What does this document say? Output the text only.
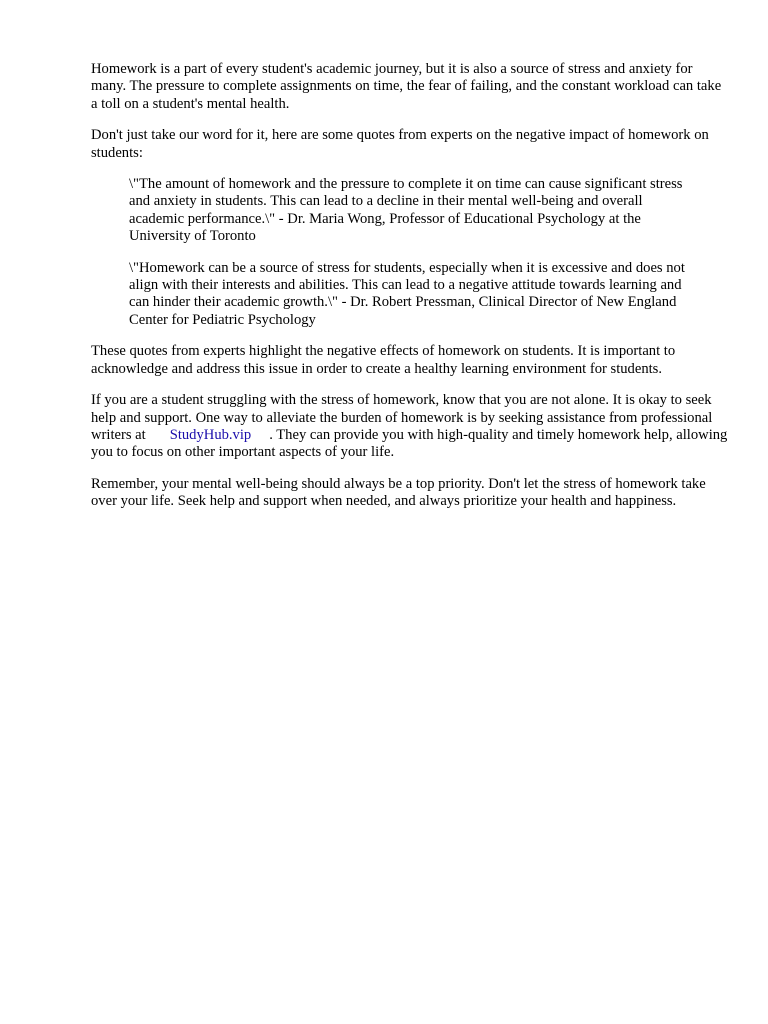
Homework is a part of every student's academic journey, but it is also a source of stress and anxiety for many. The pressure to complete assignments on time, the fear of failing, and the constant workload can take a toll on a student's mental health.

Don't just take our word for it, here are some quotes from experts on the negative impact of homework on students:

\"The amount of homework and the pressure to complete it on time can cause significant stress and anxiety in students. This can lead to a decline in their mental well-being and overall academic performance.\" - Dr. Maria Wong, Professor of Educational Psychology at the University of Toronto

\"Homework can be a source of stress for students, especially when it is excessive and does not align with their interests and abilities. This can lead to a negative attitude towards learning and can hinder their academic growth.\" - Dr. Robert Pressman, Clinical Director of New England Center for Pediatric Psychology

These quotes from experts highlight the negative effects of homework on students. It is important to acknowledge and address this issue in order to create a healthy learning environment for students.

If you are a student struggling with the stress of homework, know that you are not alone. It is okay to seek help and support. One way to alleviate the burden of homework is by seeking assistance from professional writers at StudyHub.vip . They can provide you with high-quality and timely homework help, allowing you to focus on other important aspects of your life.

Remember, your mental well-being should always be a top priority. Don't let the stress of homework take over your life. Seek help and support when needed, and always prioritize your health and happiness.
